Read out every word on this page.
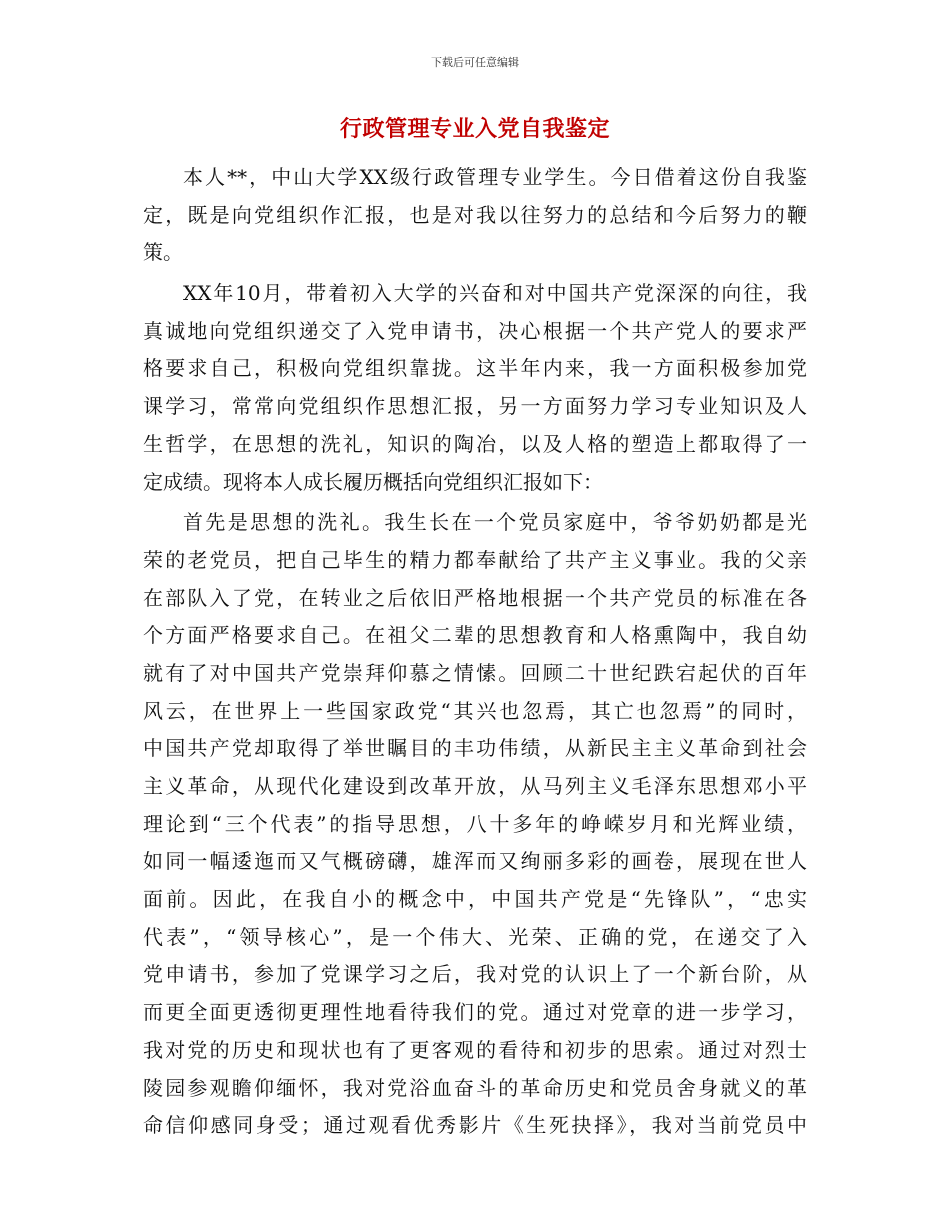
下载后可任意编辑
行政管理专业入党自我鉴定
本人**，中山大学XX级行政管理专业学生。今日借着这份自我鉴
定，既是向党组织作汇报，也是对我以往努力的总结和今后努力的鞭
策。
XX年10月，带着初入大学的兴奋和对中国共产党深深的向往，我
真诚地向党组织递交了入党申请书，决心根据一个共产党人的要求严
格要求自己，积极向党组织靠拢。这半年内来，我一方面积极参加党
课学习，常常向党组织作思想汇报，另一方面努力学习专业知识及人
生哲学，在思想的洗礼，知识的陶冶，以及人格的塑造上都取得了一
定成绩。现将本人成长履历概括向党组织汇报如下：
首先是思想的洗礼。我生长在一个党员家庭中，爷爷奶奶都是光
荣的老党员，把自己毕生的精力都奉献给了共产主义事业。我的父亲
在部队入了党，在转业之后依旧严格地根据一个共产党员的标准在各
个方面严格要求自己。在祖父二辈的思想教育和人格熏陶中，我自幼
就有了对中国共产党崇拜仰慕之情愫。回顾二十世纪跌宕起伏的百年
风云，在世界上一些国家政党“其兴也忽焉，其亡也忽焉”的同时，
中国共产党却取得了举世瞩目的丰功伟绩，从新民主主义革命到社会
主义革命，从现代化建设到改革开放，从马列主义毛泽东思想邓小平
理论到“三个代表”的指导思想，八十多年的峥嵘岁月和光辉业绩，
如同一幅逶迤而又气概磅礴，雄浑而又绚丽多彩的画卷，展现在世人
面前。因此，在我自小的概念中，中国共产党是“先锋队”，“忠实
代表”，“领导核心”，是一个伟大、光荣、正确的党，在递交了入
党申请书，参加了党课学习之后，我对党的认识上了一个新台阶，从
而更全面更透彻更理性地看待我们的党。通过对党章的进一步学习，
我对党的历史和现状也有了更客观的看待和初步的思索。通过对烈士
陵园参观瞻仰缅怀，我对党浴血奋斗的革命历史和党员舍身就义的革
命信仰感同身受；通过观看优秀影片《生死抉择》，我对当前党员中
